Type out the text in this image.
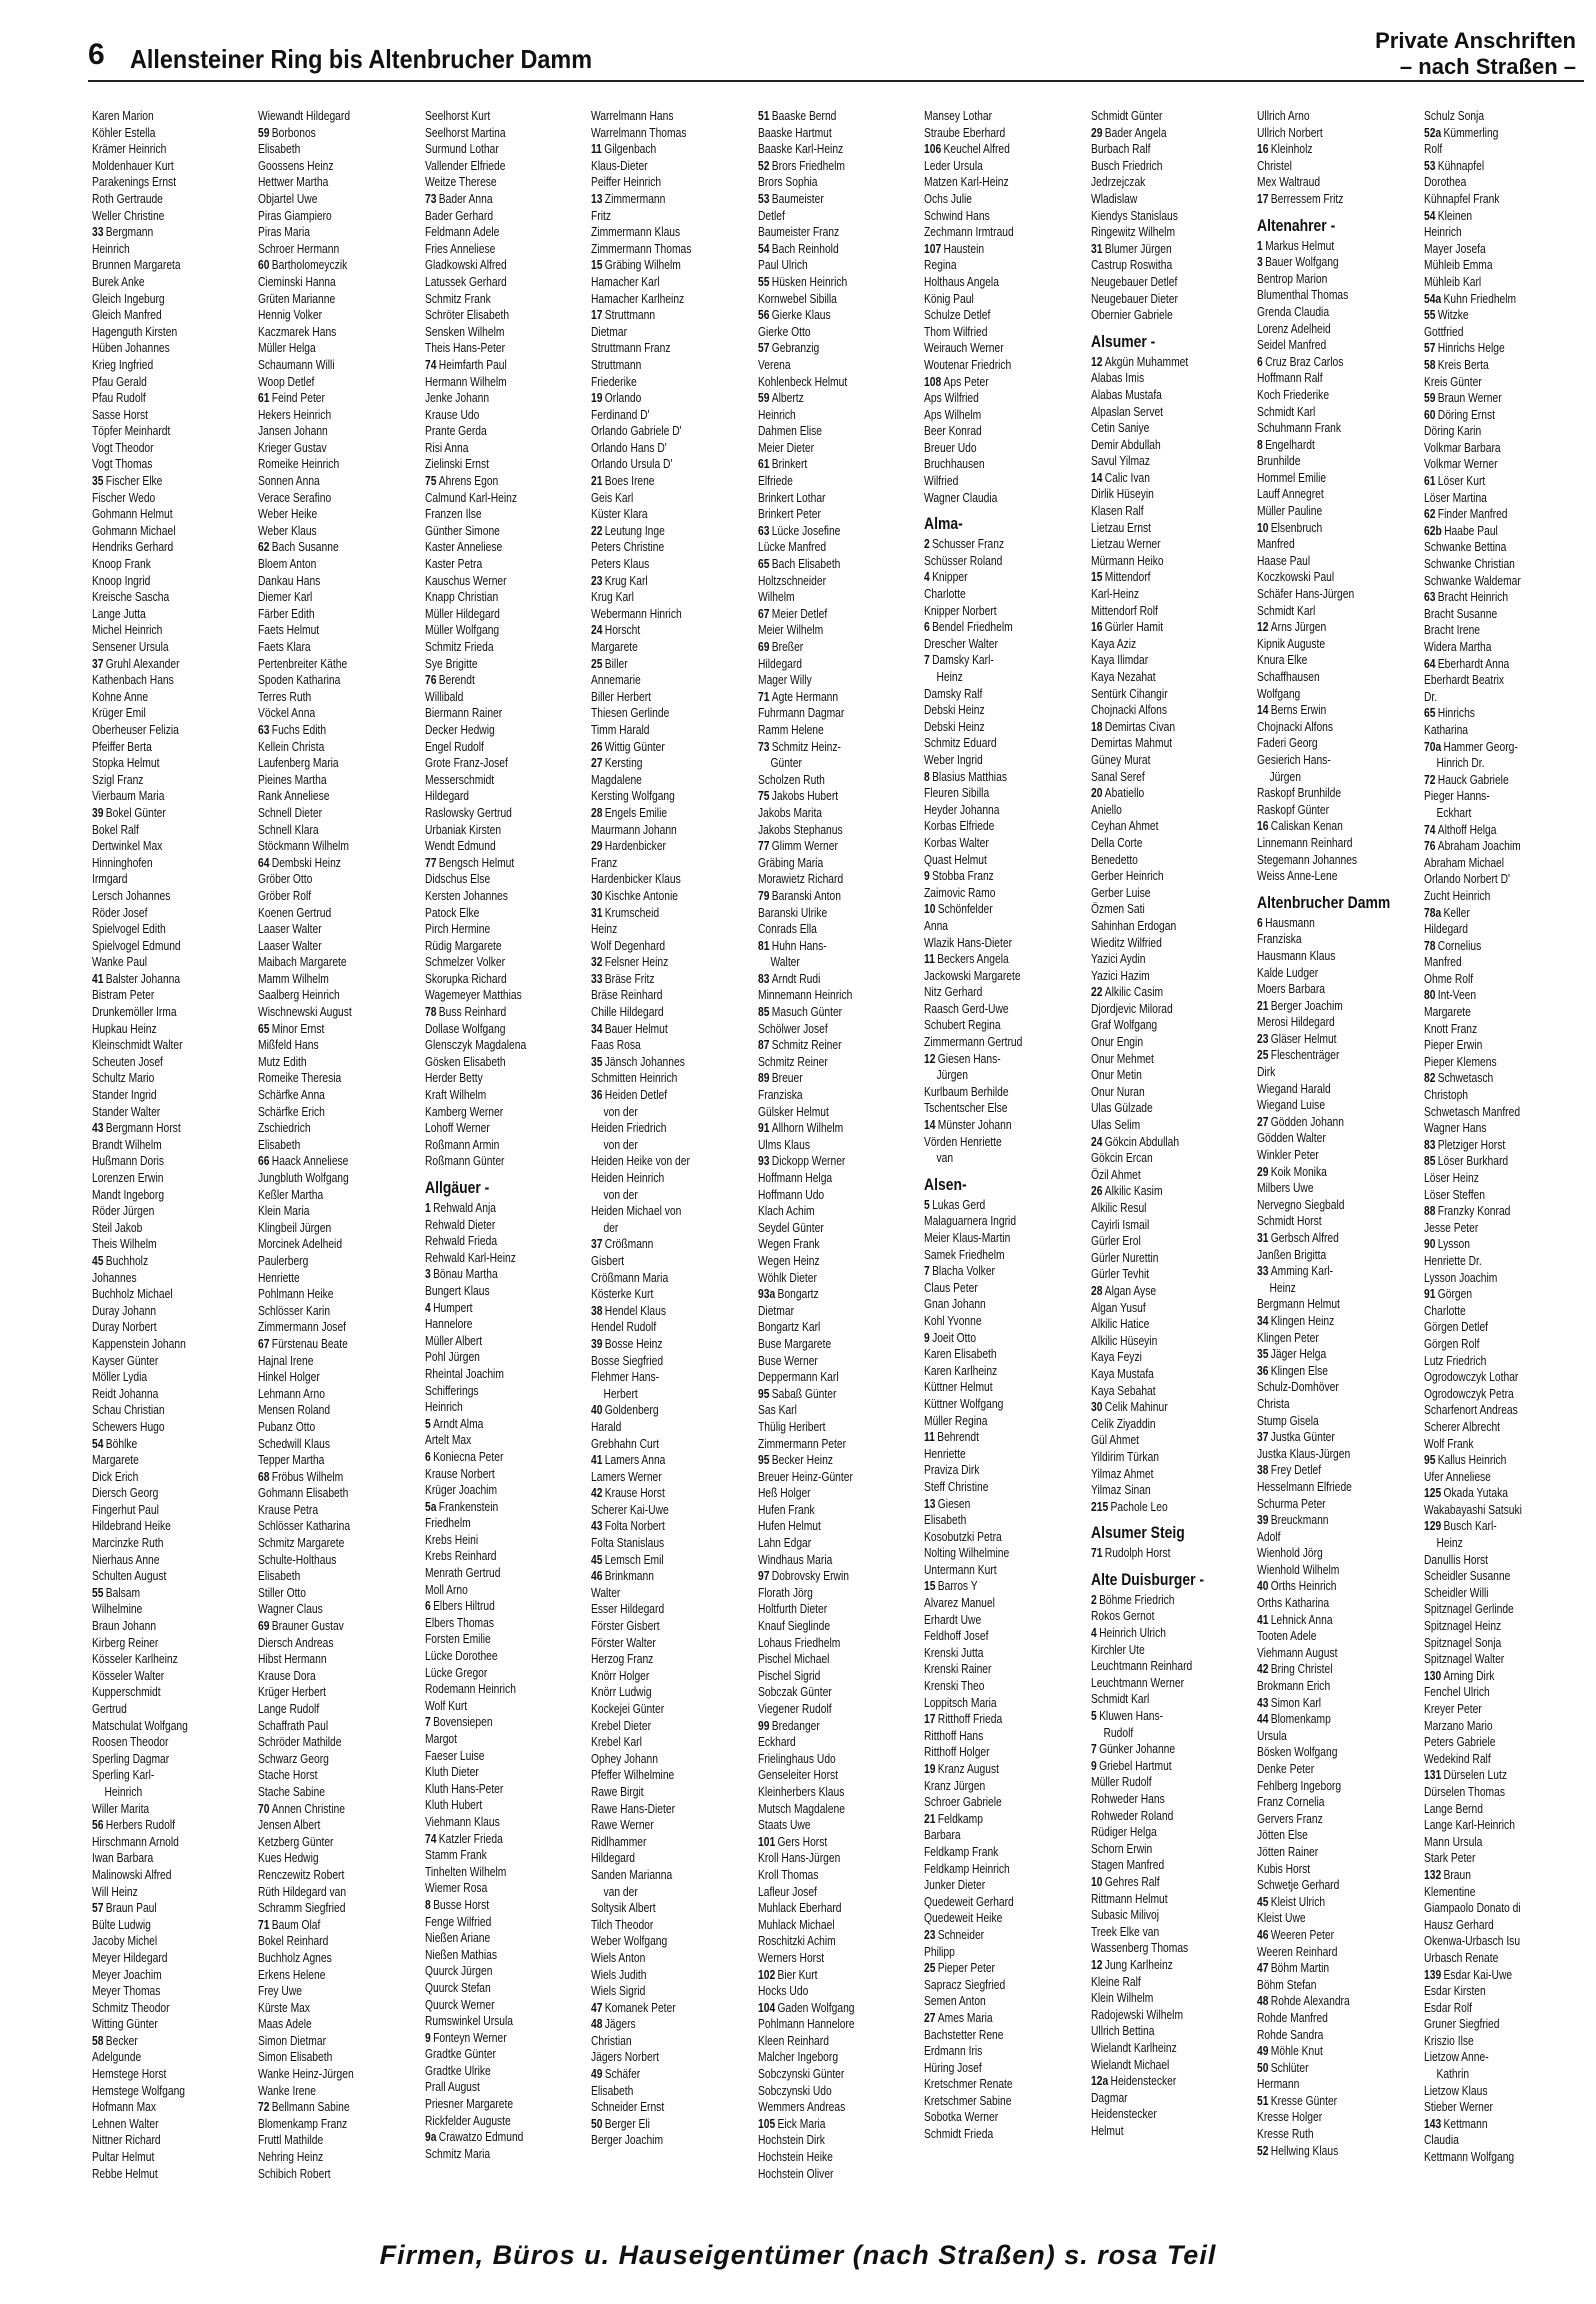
6 Allensteiner Ring bis Altenbrucher Damm
Private Anschriften
– nach Straßen –
Karen Marion
Köhler Estella
Krämer Heinrich
Moldenhauer Kurt
Parakenings Ernst
Roth Gertraude
Weller Christine
33 Bergmann
Heinrich
Brunnen Margareta
Burek Anke
Gleich Ingeburg
Gleich Manfred
Hagenguth Kirsten
Hüben Johannes
Krieg Ingfried
Pfau Gerald
Pfau Rudolf
Sasse Horst
Töpfer Meinhardt
Vogt Theodor
Vogt Thomas
35 Fischer Elke
Fischer Wedo
Gohmann Helmut
Gohmann Michael
Hendriks Gerhard
Knoop Frank
Knoop Ingrid
Kreische Sascha
Lange Jutta
Michel Heinrich
Sensener Ursula
37 Gruhl Alexander
Kathenbach Hans
Kohne Anne
Krüger Emil
Oberheuser Felizia
Pfeiffer Berta
Stopka Helmut
Szigl Franz
Vierbaum Maria
39 Bokel Günter
Bokel Ralf
Dertwinkel Max
Hinninghofen
Irmgard
Lersch Johannes
Röder Josef
Spielvogel Edith
Spielvogel Edmund
Wanke Paul
41 Balster Johanna
Bistram Peter
Drunkemöller Irma
Hupkau Heinz
Kleinschmidt Walter
Scheuten Josef
Schultz Mario
Stander Ingrid
Stander Walter
43 Bergmann Horst
Brandt Wilhelm
Hußmann Doris
Lorenzen Erwin
Mandt Ingeborg
Röder Jürgen
Steil Jakob
Theis Wilhelm
45 Buchholz
Johannes
Buchholz Michael
Duray Johann
Duray Norbert
Kappenstein Johann
Kayser Günter
Möller Lydia
Reidt Johanna
Schau Christian
Schewers Hugo
54 Böhlke
Margarete
Dick Erich
Diersch Georg
Fingerhut Paul
Hildebrand Heike
Marcinzke Ruth
Nierhaus Anne
Schulten August
55 Balsam
Wilhelmine
Braun Johann
Kirberg Reiner
Kösseler Karlheinz
Kösseler Walter
Kupperschmidt
Gertrud
Matschulat Wolfgang
Roosen Theodor
Sperling Dagmar
Sperling Karl-
Heinrich
Willer Marita
56 Herbers Rudolf
Hirschmann Arnold
Iwan Barbara
Malinowski Alfred
Will Heinz
57 Braun Paul
Bülte Ludwig
Jacoby Michel
Meyer Hildegard
Meyer Joachim
Meyer Thomas
Schmitz Theodor
Witting Günter
58 Becker
Adelgunde
Hemstege Horst
Hemstege Wolfgang
Hofmann Max
Lehnen Walter
Nittner Richard
Pultar Helmut
Rebbe Helmut
Wiewandt Hildegard
59 Borbonos
Elisabeth
Goossens Heinz
Hettwer Martha
Objartel Uwe
Piras Giampiero
Piras Maria
Schroer Hermann
60 Bartholomeyczik
Cieminski Hanna
Grüten Marianne
Hennig Volker
Kaczmarek Hans
Müller Helga
Schaumann Willi
Woop Detlef
61 Feind Peter
Hekers Heinrich
Jansen Johann
Krieger Gustav
Romeike Heinrich
Sonnen Anna
Verace Serafino
Weber Heike
Weber Klaus
62 Bach Susanne
Bloem Anton
Dankau Hans
Diemer Karl
Färber Edith
Faets Helmut
Faets Klara
Pertenbreiter Käthe
Spoden Katharina
Terres Ruth
Vöckel Anna
63 Fuchs Edith
Kellein Christa
Laufenberg Maria
Pieines Martha
Rank Anneliese
Schnell Dieter
Schnell Klara
Stöckmann Wilhelm
64 Dembski Heinz
Gröber Otto
Gröber Rolf
Koenen Gertrud
Laaser Walter
Laaser Walter
Maibach Margarete
Mamm Wilhelm
Saalberg Heinrich
Wischnewski August
65 Minor Ernst
Mißfeld Hans
Mutz Edith
Romeike Theresia
Schärfke Anna
Schärfke Erich
Zschiedrich
Elisabeth
66 Haack Anneliese
Jungbluth Wolfgang
Keßler Martha
Klein Maria
Klingbeil Jürgen
Morcinek Adelheid
Paulerberg
Henriette
Pohlmann Heike
Schlösser Karin
Zimmermann Josef
67 Fürstenau Beate
Hajnal Irene
Hinkel Holger
Lehmann Arno
Mensen Roland
Pubanz Otto
Schedwill Klaus
Tepper Martha
68 Fröbus Wilhelm
Gohmann Elisabeth
Krause Petra
Schlösser Katharina
Schmitz Margarete
Schulte-Holthaus
Elisabeth
Stiller Otto
Wagner Claus
69 Brauner Gustav
Diersch Andreas
Hibst Hermann
Krause Dora
Krüger Herbert
Lange Rudolf
Schaffrath Paul
Schröder Mathilde
Schwarz Georg
Stache Horst
Stache Sabine
70 Annen Christine
Jensen Albert
Ketzberg Günter
Kues Hedwig
Renczewitz Robert
Rüth Hildegard van
Schramm Siegfried
71 Baum Olaf
Bokel Reinhard
Buchholz Agnes
Erkens Helene
Frey Uwe
Kürste Max
Maas Adele
Simon Dietmar
Simon Elisabeth
Wanke Heinz-Jürgen
Wanke Irene
72 Bellmann Sabine
Blomenkamp Franz
Fruttl Mathilde
Nehring Heinz
Schibich Robert
Seelhorst Kurt
Seelhorst Martina
Surmund Lothar
Vallender Elfriede
Weitze Therese
73 Bader Anna
Bader Gerhard
Feldmann Adele
Fries Anneliese
Gladkowski Alfred
Latussek Gerhard
Schmitz Frank
Schröter Elisabeth
Sensken Wilhelm
Theis Hans-Peter
74 Heimfarth Paul
Hermann Wilhelm
Jenke Johann
Krause Udo
Prante Gerda
Risi Anna
Zielinski Ernst
75 Ahrens Egon
Calmund Karl-Heinz
Franzen Ilse
Günther Simone
Kaster Anneliese
Kaster Petra
Kauschus Werner
Knapp Christian
Müller Hildegard
Müller Wolfgang
Schmitz Frieda
Sye Brigitte
76 Berendt
Willibald
Biermann Rainer
Decker Hedwig
Engel Rudolf
Grote Franz-Josef
Messerschmidt
Hildegard
Raslowsky Gertrud
Urbaniak Kirsten
Wendt Edmund
77 Bengsch Helmut
Didschus Else
Kersten Johannes
Patock Elke
Pirch Hermine
Rüdig Margarete
Schmelzer Volker
Skorupka Richard
Wagemeyer Matthias
78 Buss Reinhard
Dollase Wolfgang
Glensczyk Magdalena
Gösken Elisabeth
Herder Betty
Kraft Wilhelm
Kamberg Werner
Lohoff Werner
Roßmann Armin
Roßmann Günter
Allgäuer -
1 Rehwald Anja
Rehwald Dieter
Rehwald Frieda
Rehwald Karl-Heinz
3 Bönau Martha
Bungert Klaus
4 Humpert
Hannelore
Müller Albert
Pohl Jürgen
Rheintal Joachim
Schifferings
Heinrich
5 Arndt Alma
Artelt Max
6 Koniecna Peter
Krause Norbert
Krüger Joachim
5a Frankenstein
Friedhelm
Krebs Heini
Krebs Reinhard
Menrath Gertrud
Moll Arno
6 Elbers Hiltrud
Elbers Thomas
Forsten Emilie
Lücke Dorothee
Lücke Gregor
Rodemann Heinrich
Wolf Kurt
7 Bovensiepen
Margot
Faeser Luise
Kluth Dieter
Kluth Hans-Peter
Kluth Hubert
Viehmann Klaus
74 Katzler Frieda
Stamm Frank
Tinhelten Wilhelm
Wiemer Rosa
8 Busse Horst
Fenge Wilfried
Nießen Ariane
Nießen Mathias
Quurck Jürgen
Quurck Stefan
Quurck Werner
Rumswinkel Ursula
9 Fonteyn Werner
Gradtke Günter
Gradtke Ulrike
Prall August
Priesner Margarete
Rickfelder Auguste
9a Crawatzo Edmund
Schmitz Maria
Warrelmann Hans
Warrelmann Thomas
11 Gilgenbach
Klaus-Dieter
Peiffer Heinrich
13 Zimmermann
Fritz
Zimmermann Klaus
Zimmermann Thomas
15 Gräbing Wilhelm
Hamacher Karl
Hamacher Karlheinz
17 Struttmann
Dietmar
Struttmann Franz
Struttmann
Friederike
19 Orlando
Ferdinand D'
Orlando Gabriele D'
Orlando Hans D'
Orlando Ursula D'
21 Boes Irene
Geis Karl
Küster Klara
22 Leutung Inge
Peters Christine
Peters Klaus
23 Krug Karl
Krug Karl
Webermann Hinrich
24 Horscht
Margarete
25 Biller
Annemarie
Biller Herbert
Thiesen Gerlinde
Timm Harald
26 Wittig Günter
27 Kersting
Magdalene
Kersting Wolfgang
28 Engels Emilie
Maurmann Johann
29 Hardenbicker
Franz
Hardenbicker Klaus
30 Kischke Antonie
31 Krumscheid
Heinz
Wolf Degenhard
32 Felsner Heinz
33 Bräse Fritz
Bräse Reinhard
Chille Hildegard
34 Bauer Helmut
Faas Rosa
35 Jänsch Johannes
Schmitten Heinrich
36 Heiden Detlef
von der
Heiden Friedrich
von der
Heiden Heike von der
Heiden Heinrich
von der
Heiden Michael von
der
37 Crößmann
Gisbert
Crößmann Maria
Kösterke Kurt
38 Hendel Klaus
Hendel Rudolf
39 Bosse Heinz
Bosse Siegfried
Flehmer Hans-
Herbert
40 Goldenberg
Harald
Grebhahn Curt
41 Lamers Anna
Lamers Werner
42 Krause Horst
Scherer Kai-Uwe
43 Folta Norbert
Folta Stanislaus
45 Lemsch Emil
46 Brinkmann
Walter
Esser Hildegard
Förster Gisbert
Förster Walter
Herzog Franz
Knörr Holger
Knörr Ludwig
Kockejei Günter
Krebel Dieter
Krebel Karl
Ophey Johann
Pfeffer Wilhelmine
Rawe Birgit
Rawe Hans-Dieter
Rawe Werner
Ridlhammer
Hildegard
Sanden Marianna
van der
Soltysik Albert
Tilch Theodor
Weber Wolfgang
Wiels Anton
Wiels Judith
Wiels Sigrid
47 Komanek Peter
48 Jägers
Christian
Jägers Norbert
49 Schäfer
Elisabeth
Schneider Ernst
50 Berger Eli
Berger Joachim
51 Baaske Bernd
Baaske Hartmut
Baaske Karl-Heinz
52 Brors Friedhelm
Brors Sophia
53 Baumeister
Detlef
Baumeister Franz
54 Bach Reinhold
Paul Ulrich
55 Hüsken Heinrich
Kornwebel Sibilla
56 Gierke Klaus
Gierke Otto
57 Gebranzig
Verena
Kohlenbeck Helmut
59 Albertz
Heinrich
Dahmen Elise
Meier Dieter
61 Brinkert
Elfriede
Brinkert Lothar
Brinkert Peter
63 Lücke Josefine
Lücke Manfred
65 Bach Elisabeth
Holtzschneider
Wilhelm
67 Meier Detlef
Meier Wilhelm
69 Breßer
Hildegard
Mager Willy
71 Agte Hermann
Fuhrmann Dagmar
Ramm Helene
73 Schmitz Heinz-
Günter
Scholzen Ruth
75 Jakobs Hubert
Jakobs Marita
Jakobs Stephanus
77 Glimm Werner
Gräbing Maria
Morawietz Richard
79 Baranski Anton
Baranski Ulrike
Conrads Ella
81 Huhn Hans-
Walter
83 Arndt Rudi
Minnemann Heinrich
85 Masuch Günter
Schölwer Josef
87 Schmitz Reiner
Schmitz Reiner
89 Breuer
Franziska
Gülsker Helmut
91 Allhorn Wilhelm
Ulms Klaus
93 Dickopp Werner
Hoffmann Helga
Hoffmann Udo
Klach Achim
Seydel Günter
Wegen Frank
Wegen Heinz
Wöhlk Dieter
93a Bongartz
Dietmar
Bongartz Karl
Buse Margarete
Buse Werner
Deppermann Karl
95 Sabaß Günter
Sas Karl
Thülig Heribert
Zimmermann Peter
95 Becker Heinz
Breuer Heinz-Günter
Heß Holger
Hufen Frank
Hufen Helmut
Lahn Edgar
Windhaus Maria
97 Dobrovsky Erwin
Florath Jörg
Holtfurth Dieter
Knauf Sieglinde
Lohaus Friedhelm
Pischel Michael
Pischel Sigrid
Sobczak Günter
Viegener Rudolf
99 Bredanger
Eckhard
Frielinghaus Udo
Genseleiter Horst
Kleinherbers Klaus
Mutsch Magdalene
Staats Uwe
101 Gers Horst
Kroll Hans-Jürgen
Kroll Thomas
Lafleur Josef
Muhlack Eberhard
Muhlack Michael
Roschitzki Achim
Werners Horst
102 Bier Kurt
Hocks Udo
104 Gaden Wolfgang
Pohlmann Hannelore
Kleen Reinhard
Malcher Ingeborg
Sobczynski Günter
Sobczynski Udo
Wemmers Andreas
105 Eick Maria
Hochstein Dirk
Hochstein Heike
Hochstein Oliver
Mansey Lothar
Straube Eberhard
106 Keuchel Alfred
Leder Ursula
Matzen Karl-Heinz
Ochs Julie
Schwind Hans
Zechmann Irmtraud
107 Haustein
Regina
Holthaus Angela
König Paul
Schulze Detlef
Thom Wilfried
Weirauch Werner
Woutenar Friedrich
108 Aps Peter
Aps Wilfried
Aps Wilhelm
Beer Konrad
Breuer Udo
Bruchhausen
Wilfried
Wagner Claudia
Alma-
2 Schusser Franz
Schüsser Roland
4 Knipper
Charlotte
Knipper Norbert
6 Bendel Friedhelm
Drescher Walter
7 Damsky Karl-
Heinz
Damsky Ralf
Debski Heinz
Debski Heinz
Schmitz Eduard
Weber Ingrid
8 Blasius Matthias
Fleuren Sibilla
Heyder Johanna
Korbas Elfriede
Korbas Walter
Quast Helmut
9 Stobba Franz
Zaimovic Ramo
10 Schönfelder
Anna
Wlazik Hans-Dieter
11 Beckers Angela
Jackowski Margarete
Nitz Gerhard
Raasch Gerd-Uwe
Schubert Regina
Zimmermann Gertrud
12 Giesen Hans-
Jürgen
Kurlbaum Berhilde
Tschentscher Else
14 Münster Johann
Vörden Henriette
van
Alsen-
5 Lukas Gerd
Malaguarnera Ingrid
Meier Klaus-Martin
Samek Friedhelm
7 Blacha Volker
Claus Peter
Gnan Johann
Kohl Yvonne
9 Joeit Otto
Karen Elisabeth
Karen Karlheinz
Küttner Helmut
Küttner Wolfgang
Müller Regina
11 Behrendt
Henriette
Praviza Dirk
Steff Christine
13 Giesen
Elisabeth
Kosobutzki Petra
Nolting Wilhelmine
Untermann Kurt
15 Barros Y
Alvarez Manuel
Erhardt Uwe
Feldhoff Josef
Krenski Jutta
Krenski Rainer
Krenski Theo
Loppitsch Maria
17 Ritthoff Frieda
Ritthoff Hans
Ritthoff Holger
19 Kranz August
Kranz Jürgen
Schroer Gabriele
21 Feldkamp
Barbara
Feldkamp Frank
Feldkamp Heinrich
Junker Dieter
Quedeweit Gerhard
Quedeweit Heike
23 Schneider
Philipp
25 Pieper Peter
Sapracz Siegfried
Semen Anton
27 Ames Maria
Bachstetter Rene
Erdmann Iris
Hüring Josef
Kretschmer Renate
Kretschmer Sabine
Sobotka Werner
Schmidt Frieda
Schmidt Günter
29 Bader Angela
Burbach Ralf
Busch Friedrich
Jedrzejczak
Wladislaw
Kiendys Stanislaus
Ringewitz Wilhelm
31 Blumer Jürgen
Castrup Roswitha
Neugebauer Detlef
Neugebauer Dieter
Obernier Gabriele
Alsumer -
12 Akgün Muhammet
Alabas Imis
Alabas Mustafa
Alpaslan Servet
Cetin Saniye
Demir Abdullah
Savul Yilmaz
14 Calic Ivan
Dirlik Hüseyin
Klasen Ralf
Lietzau Ernst
Lietzau Werner
Mürmann Heiko
15 Mittendorf
Karl-Heinz
Mittendorf Rolf
16 Gürler Hamit
Kaya Aziz
Kaya Ilimdar
Kaya Nezahat
Sentürk Cihangir
Chojnacki Alfons
18 Demirtas Civan
Demirtas Mahmut
Güney Murat
Sanal Seref
20 Abatiello
Aniello
Ceyhan Ahmet
Della Corte
Benedetto
Gerber Heinrich
Gerber Luise
Özmen Sati
Sahinhan Erdogan
Wieditz Wilfried
Yazici Aydin
Yazici Hazim
22 Alkilic Casim
Djordjevic Milorad
Graf Wolfgang
Onur Engin
Onur Mehmet
Onur Metin
Onur Nuran
Ulas Gülzade
Ulas Selim
24 Gökcin Abdullah
Gökcin Ercan
Özil Ahmet
26 Alkilic Kasim
Alkilic Resul
Cayirli Ismail
Gürler Erol
Gürler Nurettin
Gürler Tevhit
28 Algan Ayse
Algan Yusuf
Alkilic Hatice
Alkilic Hüseyin
Kaya Feyzi
Kaya Mustafa
Kaya Sebahat
30 Celik Mahinur
Celik Ziyaddin
Gül Ahmet
Yildirim Türkan
Yilmaz Ahmet
Yilmaz Sinan
215 Pachole Leo
Alsumer Steig
71 Rudolph Horst
Alte Duisburger -
2 Böhme Friedrich
Rokos Gernot
4 Heinrich Ulrich
Kirchler Ute
Leuchtmann Reinhard
Leuchtmann Werner
Schmidt Karl
5 Kluwen Hans-
Rudolf
7 Günker Johanne
9 Griebel Hartmut
Müller Rudolf
Rohweder Hans
Rohweder Roland
Rüdiger Helga
Schorn Erwin
Stagen Manfred
10 Gehres Ralf
Rittmann Helmut
Subasic Milivoj
Treek Elke van
Wassenberg Thomas
12 Jung Karlheinz
Kleine Ralf
Klein Wilhelm
Radojewski Wilhelm
Ullrich Bettina
Wielandt Karlheinz
Wielandt Michael
12a Heidenstecker
Dagmar
Heidenstecker
Helmut
Ullrich Arno
Ullrich Norbert
16 Kleinholz
Christel
Mex Waltraud
17 Berressem Fritz
Altenahrer -
1 Markus Helmut
3 Bauer Wolfgang
Bentrop Marion
Blumenthal Thomas
Grenda Claudia
Lorenz Adelheid
Seidel Manfred
6 Cruz Braz Carlos
Hoffmann Ralf
Koch Friederike
Schmidt Karl
Schuhmann Frank
8 Engelhardt
Brunhilde
Hommel Emilie
Lauff Annegret
Müller Pauline
10 Elsenbruch
Manfred
Haase Paul
Koczkowski Paul
Schäfer Hans-Jürgen
Schmidt Karl
12 Arns Jürgen
Kipnik Auguste
Knura Elke
Schaffhausen
Wolfgang
14 Berns Erwin
Chojnacki Alfons
Faderi Georg
Gesierich Hans-
Jürgen
Raskopf Brunhilde
Raskopf Günter
16 Caliskan Kenan
Linnemann Reinhard
Stegemann Johannes
Weiss Anne-Lene
Altenbrucher Damm
6 Hausmann
Franziska
Hausmann Klaus
Kalde Ludger
Moers Barbara
21 Berger Joachim
Merosi Hildegard
23 Gläser Helmut
25 Fleschenträger
Dirk
Wiegand Harald
Wiegand Luise
27 Gödden Johann
Gödden Walter
Winkler Peter
29 Koik Monika
Milbers Uwe
Nervegno Siegbald
Schmidt Horst
31 Gerbsch Alfred
Janßen Brigitta
33 Amming Karl-
Heinz
Bergmann Helmut
34 Klingen Heinz
Klingen Peter
35 Jäger Helga
36 Klingen Else
Schulz-Domhöver
Christa
Stump Gisela
37 Justka Günter
Justka Klaus-Jürgen
38 Frey Detlef
Hesselmann Elfriede
Schurma Peter
39 Breuckmann
Adolf
Wienhold Jörg
Wienhold Wilhelm
40 Orths Heinrich
Orths Katharina
41 Lehnick Anna
Tooten Adele
Viehmann August
42 Bring Christel
Brokmann Erich
43 Simon Karl
44 Blomenkamp
Ursula
Bösken Wolfgang
Denke Peter
Fehlberg Ingeborg
Franz Cornelia
Gervers Franz
Jötten Else
Jötten Rainer
Kubis Horst
Schwetje Gerhard
45 Kleist Ulrich
Kleist Uwe
46 Weeren Peter
Weeren Reinhard
47 Böhm Martin
Böhm Stefan
48 Rohde Alexandra
Rohde Manfred
Rohde Sandra
49 Möhle Knut
50 Schlüter
Hermann
51 Kresse Günter
Kresse Holger
Kresse Ruth
52 Hellwing Klaus
Schulz Sonja
52a Kümmerling
Rolf
53 Kühnapfel
Dorothea
Kühnapfel Frank
54 Kleinen
Heinrich
Mayer Josefa
Mühleib Emma
Mühleib Karl
54a Kuhn Friedhelm
55 Witzke
Gottfried
57 Hinrichs Helge
58 Kreis Berta
Kreis Günter
59 Braun Werner
60 Döring Ernst
Döring Karin
Volkmar Barbara
Volkmar Werner
61 Löser Kurt
Löser Martina
62 Finder Manfred
62b Haabe Paul
Schwanke Bettina
Schwanke Christian
Schwanke Waldemar
63 Bracht Heinrich
Bracht Susanne
Bracht Irene
Widera Martha
64 Eberhardt Anna
Eberhardt Beatrix
Dr.
65 Hinrichs
Katharina
70a Hammer Georg-
Hinrich Dr.
72 Hauck Gabriele
Pieger Hanns-
Eckhart
74 Althoff Helga
76 Abraham Joachim
Abraham Michael
Orlando Norbert D'
Zucht Heinrich
78a Keller
Hildegard
78 Cornelius
Manfred
Ohme Rolf
80 Int-Veen
Margarete
Knott Franz
Pieper Erwin
Pieper Klemens
82 Schwetasch
Christoph
Schwetasch Manfred
Wagner Hans
83 Pletziger Horst
85 Löser Burkhard
Löser Heinz
Löser Steffen
88 Franzky Konrad
Jesse Peter
90 Lysson
Henriette Dr.
Lysson Joachim
91 Görgen
Charlotte
Görgen Detlef
Görgen Rolf
Lutz Friedrich
Ogrodowczyk Lothar
Ogrodowczyk Petra
Scharfenort Andreas
Scherer Albrecht
Wolf Frank
95 Kallus Heinrich
Ufer Anneliese
125 Okada Yutaka
Wakabayashi Satsuki
129 Busch Karl-
Heinz
Danullis Horst
Scheidler Susanne
Scheidler Willi
Spitznagel Gerlinde
Spitznagel Heinz
Spitznagel Sonja
Spitznagel Walter
130 Arning Dirk
Fenchel Ulrich
Kreyer Peter
Marzano Mario
Peters Gabriele
Wedekind Ralf
131 Dürselen Lutz
Dürselen Thomas
Lange Bernd
Lange Karl-Heinrich
Mann Ursula
Stark Peter
132 Braun
Klementine
Giampaolo Donato di
Hausz Gerhard
Okenwa-Urbasch Isu
Urbasch Renate
139 Esdar Kai-Uwe
Esdar Kirsten
Esdar Rolf
Gruner Siegfried
Kriszio Ilse
Lietzow Anne-
Kathrin
Lietzow Klaus
Stieber Werner
143 Kettmann
Claudia
Kettmann Wolfgang
Firmen, Büros u. Hauseigentümer (nach Straßen) s. rosa Teil
